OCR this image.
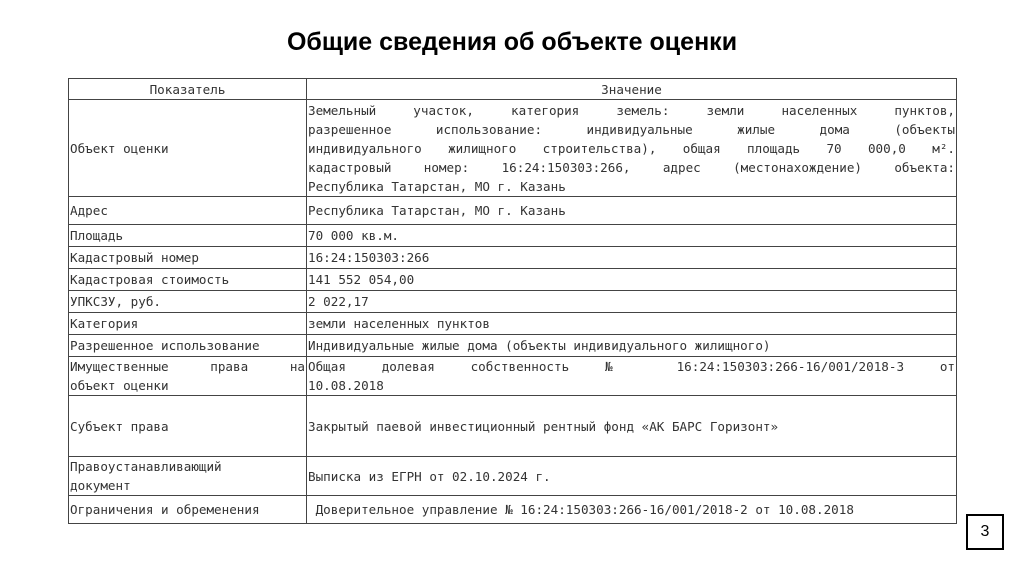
Общие сведения об объекте оценки
Показатель	Значение
Объект оценки	Земельный участок, категория земель: земли населенных пунктов,
разрешенное использование: индивидуальные жилые дома (объекты
индивидуального жилищного строительства), общая площадь 70 000,0 м².
кадастровый номер: 16:24:150303:266, адрес (местонахождение) объекта:
Республика Татарстан, МО г. Казань

Адрес	Республика Татарстан, МО г. Казань
Площадь	70 000 кв.м.
Кадастровый номер	16:24:150303:266
Кадастровая стоимость	141 552 054,00
УПКСЗУ, руб.	2 022,17
Категория	земли населенных пунктов
Разрешенное использование	Индивидуальные жилые дома (объекты индивидуального жилищного)

Имущественные права на
объект оценки	Общая долевая собственность № 16:24:150303:266-16/001/2018-3 от
10.08.2018

Субъект права	Закрытый паевой инвестиционный рентный фонд «АК БАРС Горизонт»

Правоустанавливающий
документ	Выписка из ЕГРН от 02.10.2024 г.
Ограничения и обременения	Доверительное управление № 16:24:150303:266-16/001/2018-2 от 10.08.2018
3
